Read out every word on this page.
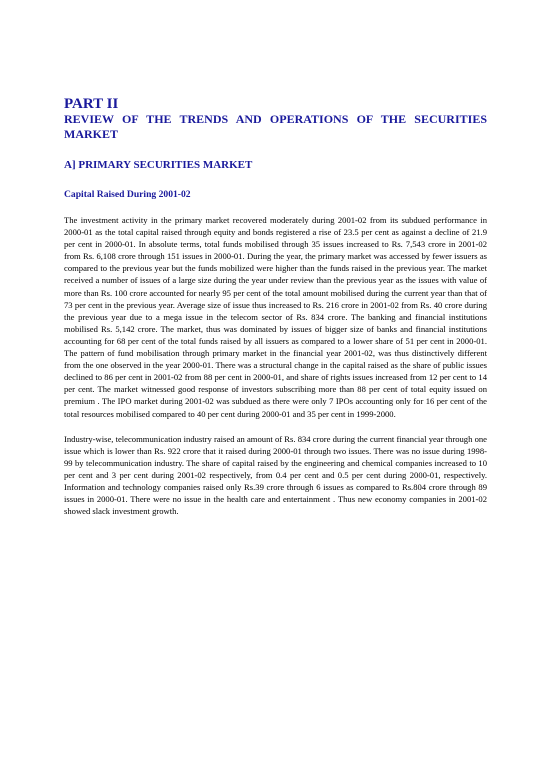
PART II
REVIEW OF THE TRENDS AND OPERATIONS OF THE SECURITIES MARKET
A] PRIMARY SECURITIES MARKET
Capital Raised During 2001-02

The investment activity in the primary market recovered moderately during 2001-02 from its subdued performance in 2000-01 as the total capital raised through equity and bonds registered a rise of 23.5 per cent as against a decline of 21.9 per cent in 2000-01. In absolute terms, total funds mobilised through 35 issues increased to Rs. 7,543 crore in 2001-02 from Rs. 6,108 crore through 151 issues in 2000-01. During the year, the primary market was accessed by fewer issuers as compared to the previous year but the funds mobilized were higher than the funds raised in the previous year. The market received a number of issues of a large size during the year under review than the previous year as the issues with value of more than Rs. 100 crore accounted for nearly 95 per cent of the total amount mobilised during the current year than that of 73 per cent in the previous year. Average size of issue thus increased to Rs. 216 crore in 2001-02 from Rs. 40 crore during the previous year due to a mega issue in the telecom sector of Rs. 834 crore. The banking and financial institutions mobilised Rs. 5,142 crore. The market, thus was dominated by issues of bigger size of banks and financial institutions accounting for 68 per cent of the total funds raised by all issuers as compared to a lower share of 51 per cent in 2000-01. The pattern of fund mobilisation through primary market in the financial year 2001-02, was thus distinctively different from the one observed in the year 2000-01. There was a structural change in the capital raised as the share of public issues declined to 86 per cent in 2001-02 from 88 per cent in 2000-01, and share of rights issues increased from 12 per cent to 14 per cent. The market witnessed good response of investors subscribing more than 88 per cent of total equity issued on premium . The IPO market during 2001-02 was subdued as there were only 7 IPOs accounting only for 16 per cent of the total resources mobilised compared to 40 per cent during 2000-01 and 35 per cent in 1999-2000.

Industry-wise, telecommunication industry raised an amount of Rs. 834 crore during the current financial year through one issue which is lower than Rs. 922 crore that it raised during 2000-01 through two issues. There was no issue during 1998-99 by telecommunication industry. The share of capital raised by the engineering and chemical companies increased to 10 per cent and 3 per cent during 2001-02 respectively, from 0.4 per cent and 0.5 per cent during 2000-01, respectively. Information and technology companies raised only Rs.39 crore through 6 issues as compared to Rs.804 crore through 89 issues in 2000-01. There were no issue in the health care and entertainment . Thus new economy companies in 2001-02 showed slack investment growth.
